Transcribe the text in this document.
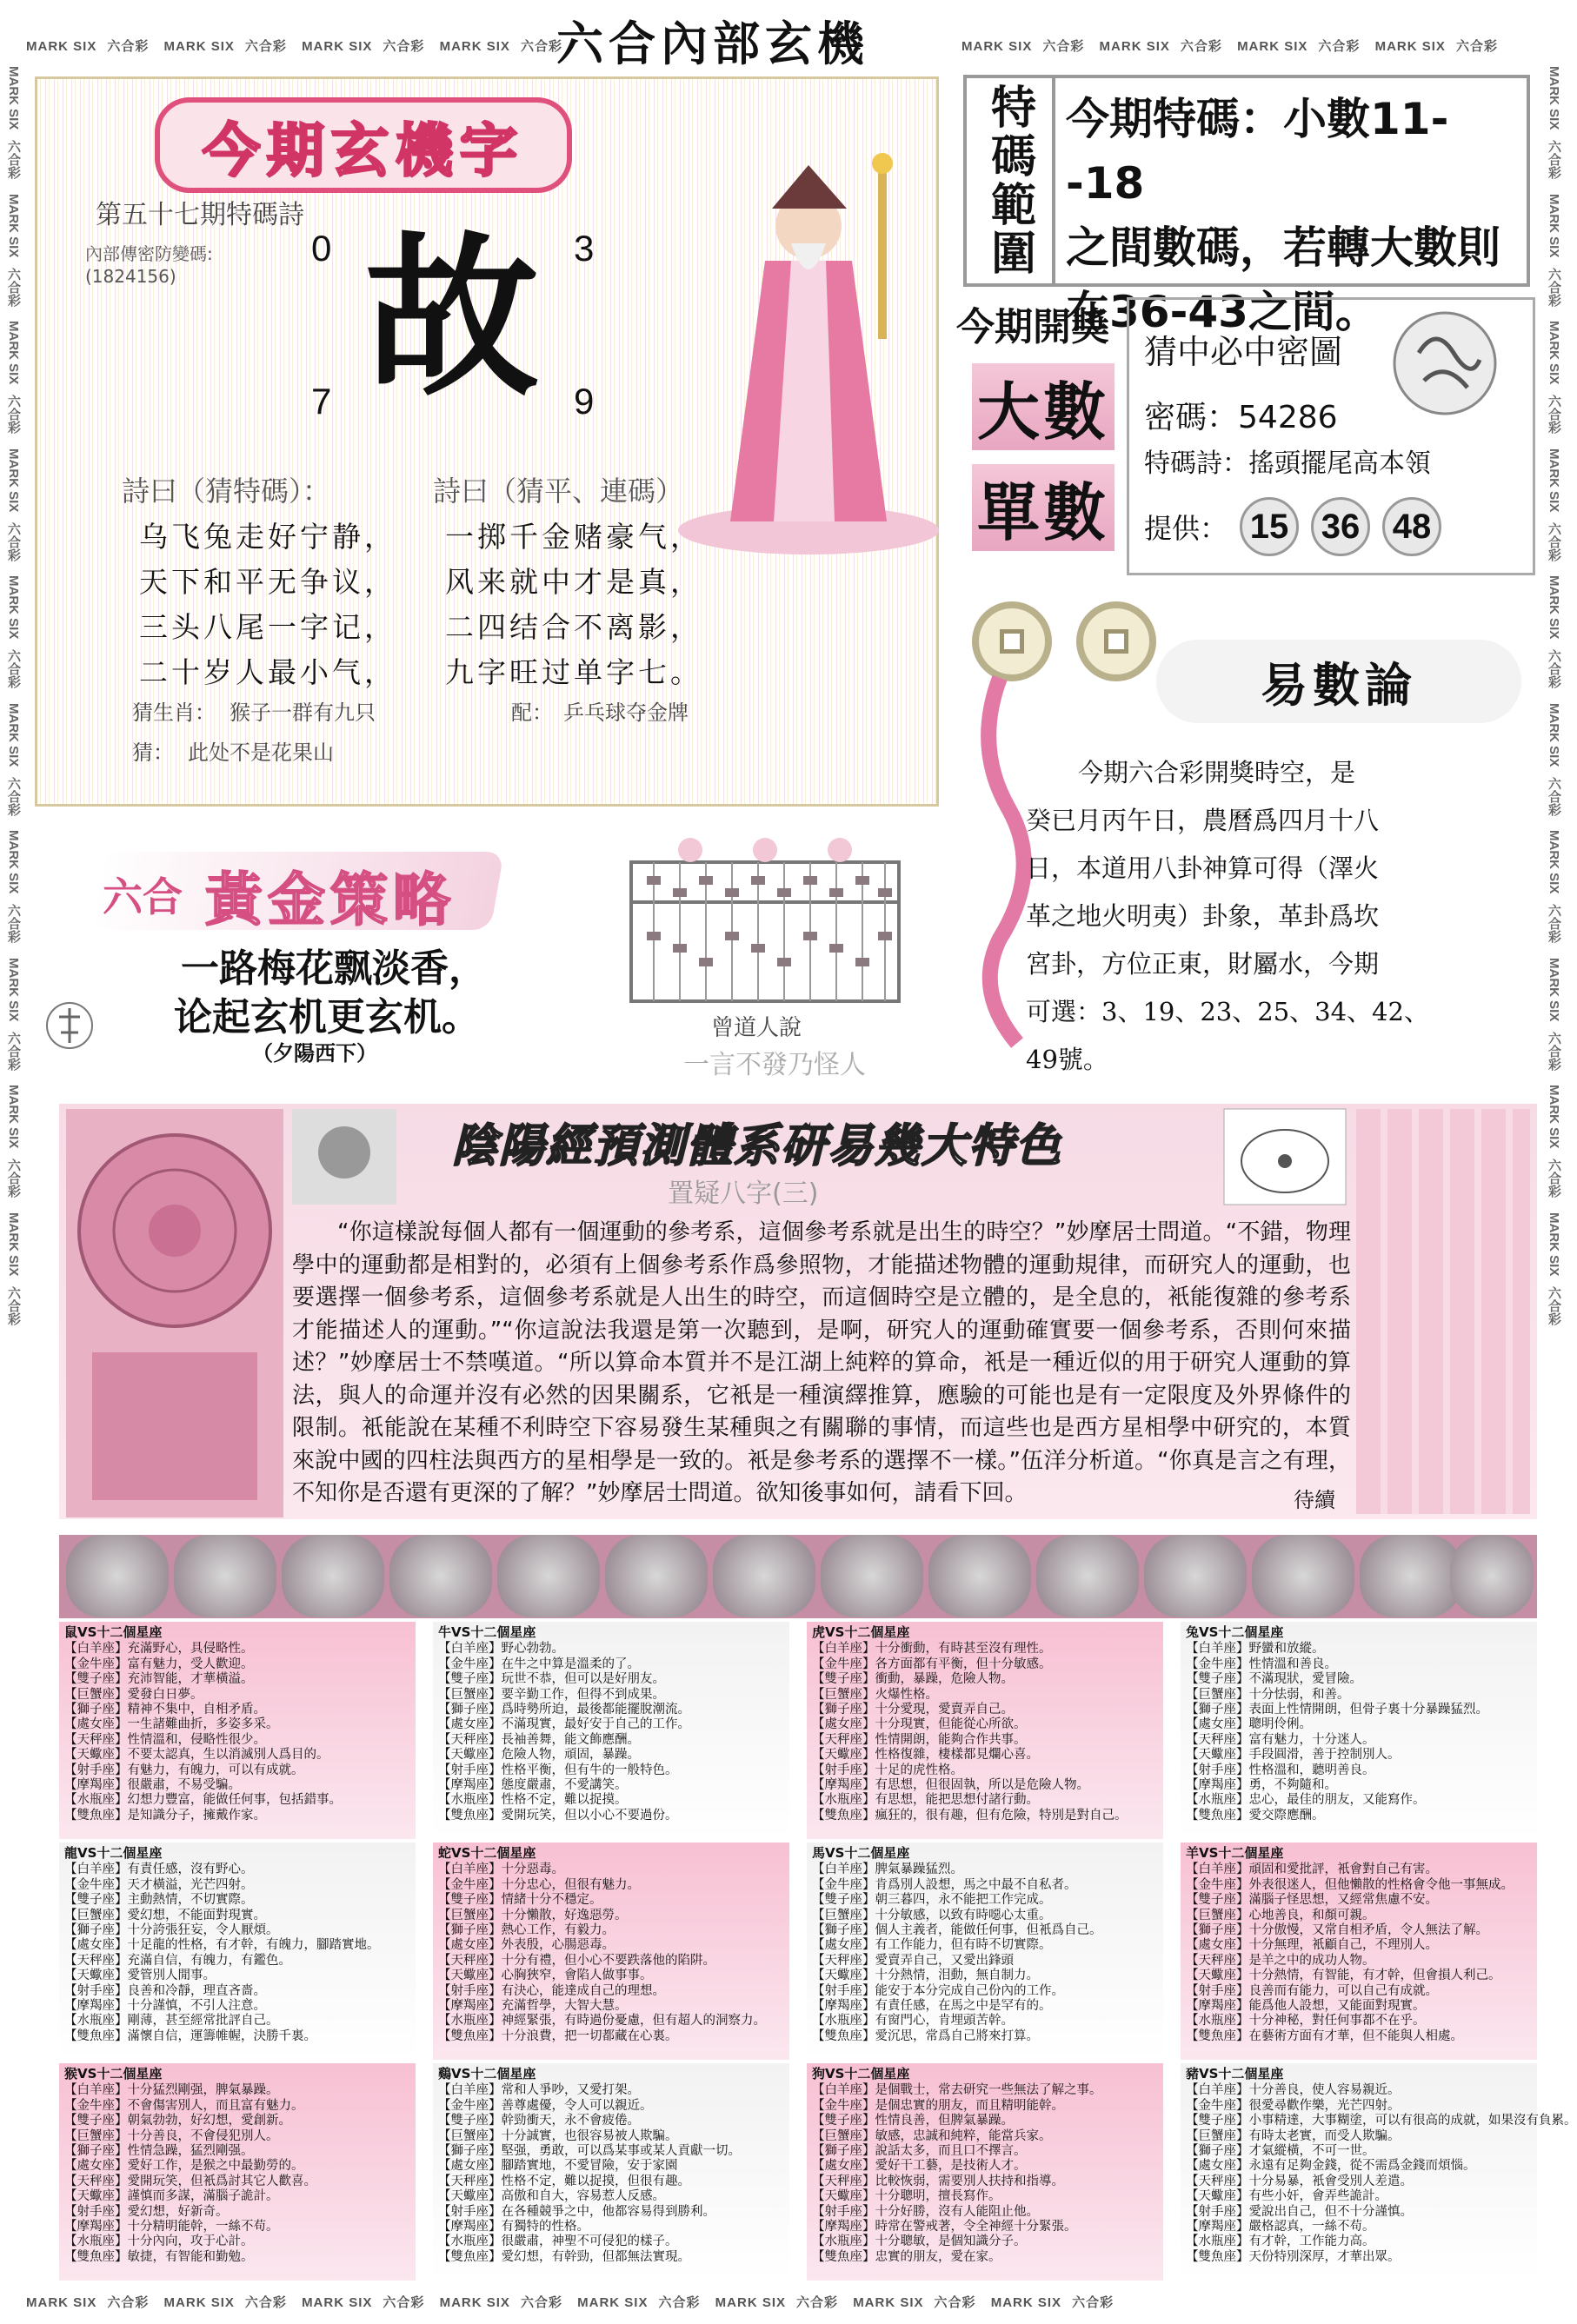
MARK SIX 六合彩 MARK SIX 六合彩 MARK SIX 六合彩 MARK SIX 六合彩	MARK SIX 六合彩 MARK SIX 六合彩 MARK SIX 六合彩 MARK SIX 六合彩
MARK SIX 六合彩 MARK SIX 六合彩 MARK SIX 六合彩 MARK SIX 六合彩 MARK SIX 六合彩 MARK SIX 六合彩 MARK SIX 六合彩 MARK SIX 六合彩
MARK SIX六合彩 MARK SIX六合彩 MARK SIX六合彩 MARK SIX六合彩 MARK SIX六合彩 MARK SIX六合彩 MARK SIX六合彩 MARK SIX六合彩 MARK SIX六合彩 MARK SIX六合彩
MARK SIX六合彩 MARK SIX六合彩 MARK SIX六合彩 MARK SIX六合彩 MARK SIX六合彩 MARK SIX六合彩 MARK SIX六合彩 MARK SIX六合彩 MARK SIX六合彩 MARK SIX六合彩
六合內部玄機
今期玄機字
第五十七期特碼詩
內部傳密防變碼:
(1824156)
0	3
7	9
故
詩曰（猜特碼）：	詩曰（猜平、連碼）
乌飞兔走好宁静，
天下和平无争议，
三头八尾一字记，
二十岁人最小气，
一掷千金赌豪气，
风来就中才是真，
二四结合不离影，
九字旺过单字七。
猜生肖： 猴子一群有九只	配： 乒乓球夺金牌
猜： 此处不是花果山
特碼範圍 今期特碼：小數11--18
之間數碼，若轉大數則
在36-43之間。
今期開獎
大數
單數
猜中必中密圖
密碼：54286
特碼詩：搖頭擺尾高本領
提供： 15 36 48
易數論
今期六合彩開獎時空，是
癸已月丙午日，農曆爲四月十八
日，本道用八卦神算可得（澤火
革之地火明夷）卦象，革卦爲坎
宮卦，方位正東，財屬水，今期
可選：3、19、23、25、34、42、
49號。
六合 黃金策略
一路梅花飘淡香，
论起玄机更玄机。
（夕陽西下）
曾道人說
一言不發乃怪人
陰陽經預測體系研易幾大特色
置疑八字(三)
“你這樣說每個人都有一個運動的參考系，這個參考系就是出生的時空？”妙摩居士問道。“不錯，物理學中的運動都是相對的，必須有上個參考系作爲參照物，才能描述物體的運動規律，而研究人的運動，也要選擇一個參考系，這個參考系就是人出生的時空，而這個時空是立體的，是全息的，衹能復雜的參考系才能描述人的運動。”“你這說法我還是第一次聽到，是啊，研究人的運動確實要一個參考系，否則何來描述？”妙摩居士不禁嘆道。“所以算命本質并不是江湖上純粹的算命，衹是一種近似的用于研究人運動的算法，與人的命運并沒有必然的因果關系，它衹是一種演繹推算，應驗的可能也是有一定限度及外界條件的限制。衹能說在某種不利時空下容易發生某種與之有關聯的事情，而這些也是西方星相學中研究的，本質來說中國的四柱法與西方的星相學是一致的。衹是參考系的選擇不一樣。”伍洋分析道。“你真是言之有理，不知你是否還有更深的了解？”妙摩居士問道。欲知後事如何，請看下回。	待續
鼠VS十二個星座
【白羊座】充滿野心，具侵略性。
【金牛座】富有魅力，受人歡迎。
【雙子座】充沛智能，才華橫溢。
【巨蟹座】愛發白日夢。
【獅子座】精神不集中，自相矛盾。
【處女座】一生諸難曲折，多姿多采。
【天秤座】性情溫和，侵略性很少。
【天蠍座】不要太認真，生以消滅別人爲目的。
【射手座】有魅力，有魄力，可以有成就。
【摩羯座】很嚴肅，不易受騙。
【水瓶座】幻想力豐富，能做任何事，包括錯事。
【雙魚座】是知識分子，擁戴作家。
牛VS十二個星座
【白羊座】野心勃勃。
【金牛座】在牛之中算是溫柔的了。
【雙子座】玩世不恭，但可以是好朋友。
【巨蟹座】要辛勤工作，但得不到成果。
【獅子座】爲時勢所迫，最後都能擺脫潮流。
【處女座】不滿現實，最好安于自己的工作。
【天秤座】長袖善舞，能文飾應酬。
【天蠍座】危險人物，頑固，暴躁。
【射手座】性格平衡，但有牛的一般特色。
【摩羯座】態度嚴肅，不愛講笑。
【水瓶座】性格不定，難以捉摸。
【雙魚座】愛開玩笑，但以小心不要過份。
虎VS十二個星座
【白羊座】十分衝動，有時甚至沒有理性。
【金牛座】各方面都有平衡，但十分敏感。
【雙子座】衝動，暴躁，危險人物。
【巨蟹座】火爆性格。
【獅子座】十分愛現，愛賣弄自己。
【處女座】十分現實，但能從心所欲。
【天秤座】性情開朗，能夠合作共事。
【天蠍座】性格復雜，棲樣都見爛心喜。
【射手座】十足的虎性格。
【摩羯座】有思想，但很固執，所以是危險人物。
【水瓶座】有思想，能把思想付諸行動。
【雙魚座】瘋狂的，很有趣，但有危險，特別是對自己。
兔VS十二個星座
【白羊座】野蠻和放縱。
【金牛座】性情溫和善良。
【雙子座】不滿現狀，愛冒險。
【巨蟹座】十分怯弱，和善。
【獅子座】表面上性情開朗，但骨子裏十分暴躁猛烈。
【處女座】聰明伶俐。
【天秤座】富有魅力，十分迷人。
【天蠍座】手段圓滑，善于控制別人。
【射手座】性格溫和，聽明善良。
【摩羯座】勇，不夠隨和。
【水瓶座】忠心，最佳的朋友，又能寫作。
【雙魚座】愛交際應酬。
龍VS十二個星座
【白羊座】有責任感，沒有野心。
【金牛座】天才橫溢，光芒四射。
【雙子座】主動熱情，不切實際。
【巨蟹座】愛幻想，不能面對現實。
【獅子座】十分誇張狂妄，令人厭煩。
【處女座】十足龍的性格，有才幹，有魄力，腳踏實地。
【天秤座】充滿自信，有魄力，有鑑色。
【天蠍座】愛管別人閒事。
【射手座】良善和冷靜，理直吝嗇。
【摩羯座】十分謹慎，不引人注意。
【水瓶座】剛薄，甚至經常批評自己。
【雙魚座】滿懷自信，運籌帷幄，決勝千裏。
蛇VS十二個星座
【白羊座】十分惡毒。
【金牛座】十分忠心，但很有魅力。
【雙子座】情緒十分不穩定。
【巨蟹座】十分懶散，好逸惡勞。
【獅子座】熱心工作，有毅力。
【處女座】外表殷，心腸惡毒。
【天秤座】十分有禮，但小心不要跌落他的陷阱。
【天蠍座】心胸狹窄，會陷人做事事。
【射手座】有決心，能達成自己的理想。
【摩羯座】充滿哲學，大智大慧。
【水瓶座】神經緊張，有時過份憂慮，但有超人的洞察力。
【雙魚座】十分浪費，把一切都藏在心裏。
馬VS十二個星座
【白羊座】脾氣暴躁猛烈。
【金牛座】肯爲別人設想，馬之中最不自私者。
【雙子座】朝三暮四，永不能把工作完成。
【巨蟹座】十分敏感，以致有時噁心太重。
【獅子座】個人主義者，能做任何事，但衹爲自己。
【處女座】有工作能力，但有時不切實際。
【天秤座】愛賣弄自己，又愛出鋒頭
【天蠍座】十分熱情，泪動，無自制力。
【射手座】能安于本分完成自己份內的工作。
【摩羯座】有責任感，在馬之中是罕有的。
【水瓶座】有窗門心，肯埋頭苦幹。
【雙魚座】愛沉思，常爲自己將來打算。
羊VS十二個星座
【白羊座】頑固和愛批評，衹會對自己有害。
【金牛座】外表很迷人，但他懶散的性格會令他一事無成。
【雙子座】滿腦子怪思想，又經常焦慮不安。
【巨蟹座】心地善良，和顏可親。
【獅子座】十分傲慢，又常自相矛盾，令人無法了解。
【處女座】十分無理，衹顧自己，不理別人。
【天秤座】是羊之中的成功人物。
【天蠍座】十分熱情，有智能，有才幹，但會損人利己。
【射手座】良善而有能力，可以自己有成就。
【摩羯座】能爲他人設想，又能面對現實。
【水瓶座】十分神秘，對任何事都不在乎。
【雙魚座】在藝術方面有才華，但不能與人相處。
猴VS十二個星座
【白羊座】十分猛烈剛强，脾氣暴躁。
【金牛座】不會傷害別人，而且富有魅力。
【雙子座】朝氣勃勃，好幻想，愛創新。
【巨蟹座】十分善良，不會侵犯別人。
【獅子座】性情急躁，猛烈剛强。
【處女座】愛好工作，是猴之中最勤勞的。
【天秤座】愛開玩笑，但衹爲討其它人歡喜。
【天蠍座】謹慎而多謀，滿腦子詭計。
【射手座】愛幻想，好新奇。
【摩羯座】十分精明能幹，一絲不苟。
【水瓶座】十分內向，攻于心計。
【雙魚座】敏捷，有智能和勤勉。
鷄VS十二個星座
【白羊座】常和人爭吵，又愛打架。
【金牛座】善尊處優，令人可以親近。
【雙子座】幹勁衝天，永不會疲倦。
【巨蟹座】十分誠實，也很容易被人欺騙。
【獅子座】堅强，勇敢，可以爲某事或某人貢獻一切。
【處女座】腳踏實地，不愛冒險，安于家園
【天秤座】性格不定，難以捉摸，但很有趣。
【天蠍座】高傲和自大，容易惹人反感。
【射手座】在各種競爭之中，他都容易得到勝利。
【摩羯座】有獨特的性格。
【水瓶座】很嚴肅，神聖不可侵犯的樣子。
【雙魚座】愛幻想，有幹勁，但都無法實現。
狗VS十二個星座
【白羊座】是個戰士，常去研究一些無法了解之事。
【金牛座】是個忠實的朋友，而且精明能幹。
【雙子座】性情良善，但脾氣暴躁。
【巨蟹座】敏感，忠誠和純粹，能當兵家。
【獅子座】說話太多，而且口不擇言。
【處女座】愛好干工藝，是技術人才。
【天秤座】比較恢弱，需要別人扶持和指導。
【天蠍座】十分聰明，擅長寫作。
【射手座】十分好勝，沒有人能阻止他。
【摩羯座】時常在警戒著，令全神經十分緊張。
【水瓶座】十分聰敏，是個知識分子。
【雙魚座】忠實的朋友，愛在家。
豬VS十二個星座
【白羊座】十分善良，使人容易親近。
【金牛座】很愛尋歡作樂，光芒四射。
【雙子座】小事精達，大事糊塗，可以有很高的成就，如果沒有負累。
【巨蟹座】有時太老實，而受人欺騙。
【獅子座】才氣縱橫，不可一世。
【處女座】永遠有足夠金錢，從不需爲金錢而煩惱。
【天秤座】十分易暴，衹會受別人差遣。
【天蠍座】有些小奸，會弄些詭計。
【射手座】愛說出自己，但不十分謹慎。
【摩羯座】嚴格認真，一絲不苟。
【水瓶座】有才幹，工作能力高。
【雙魚座】天份特別深厚，才華出眾。
